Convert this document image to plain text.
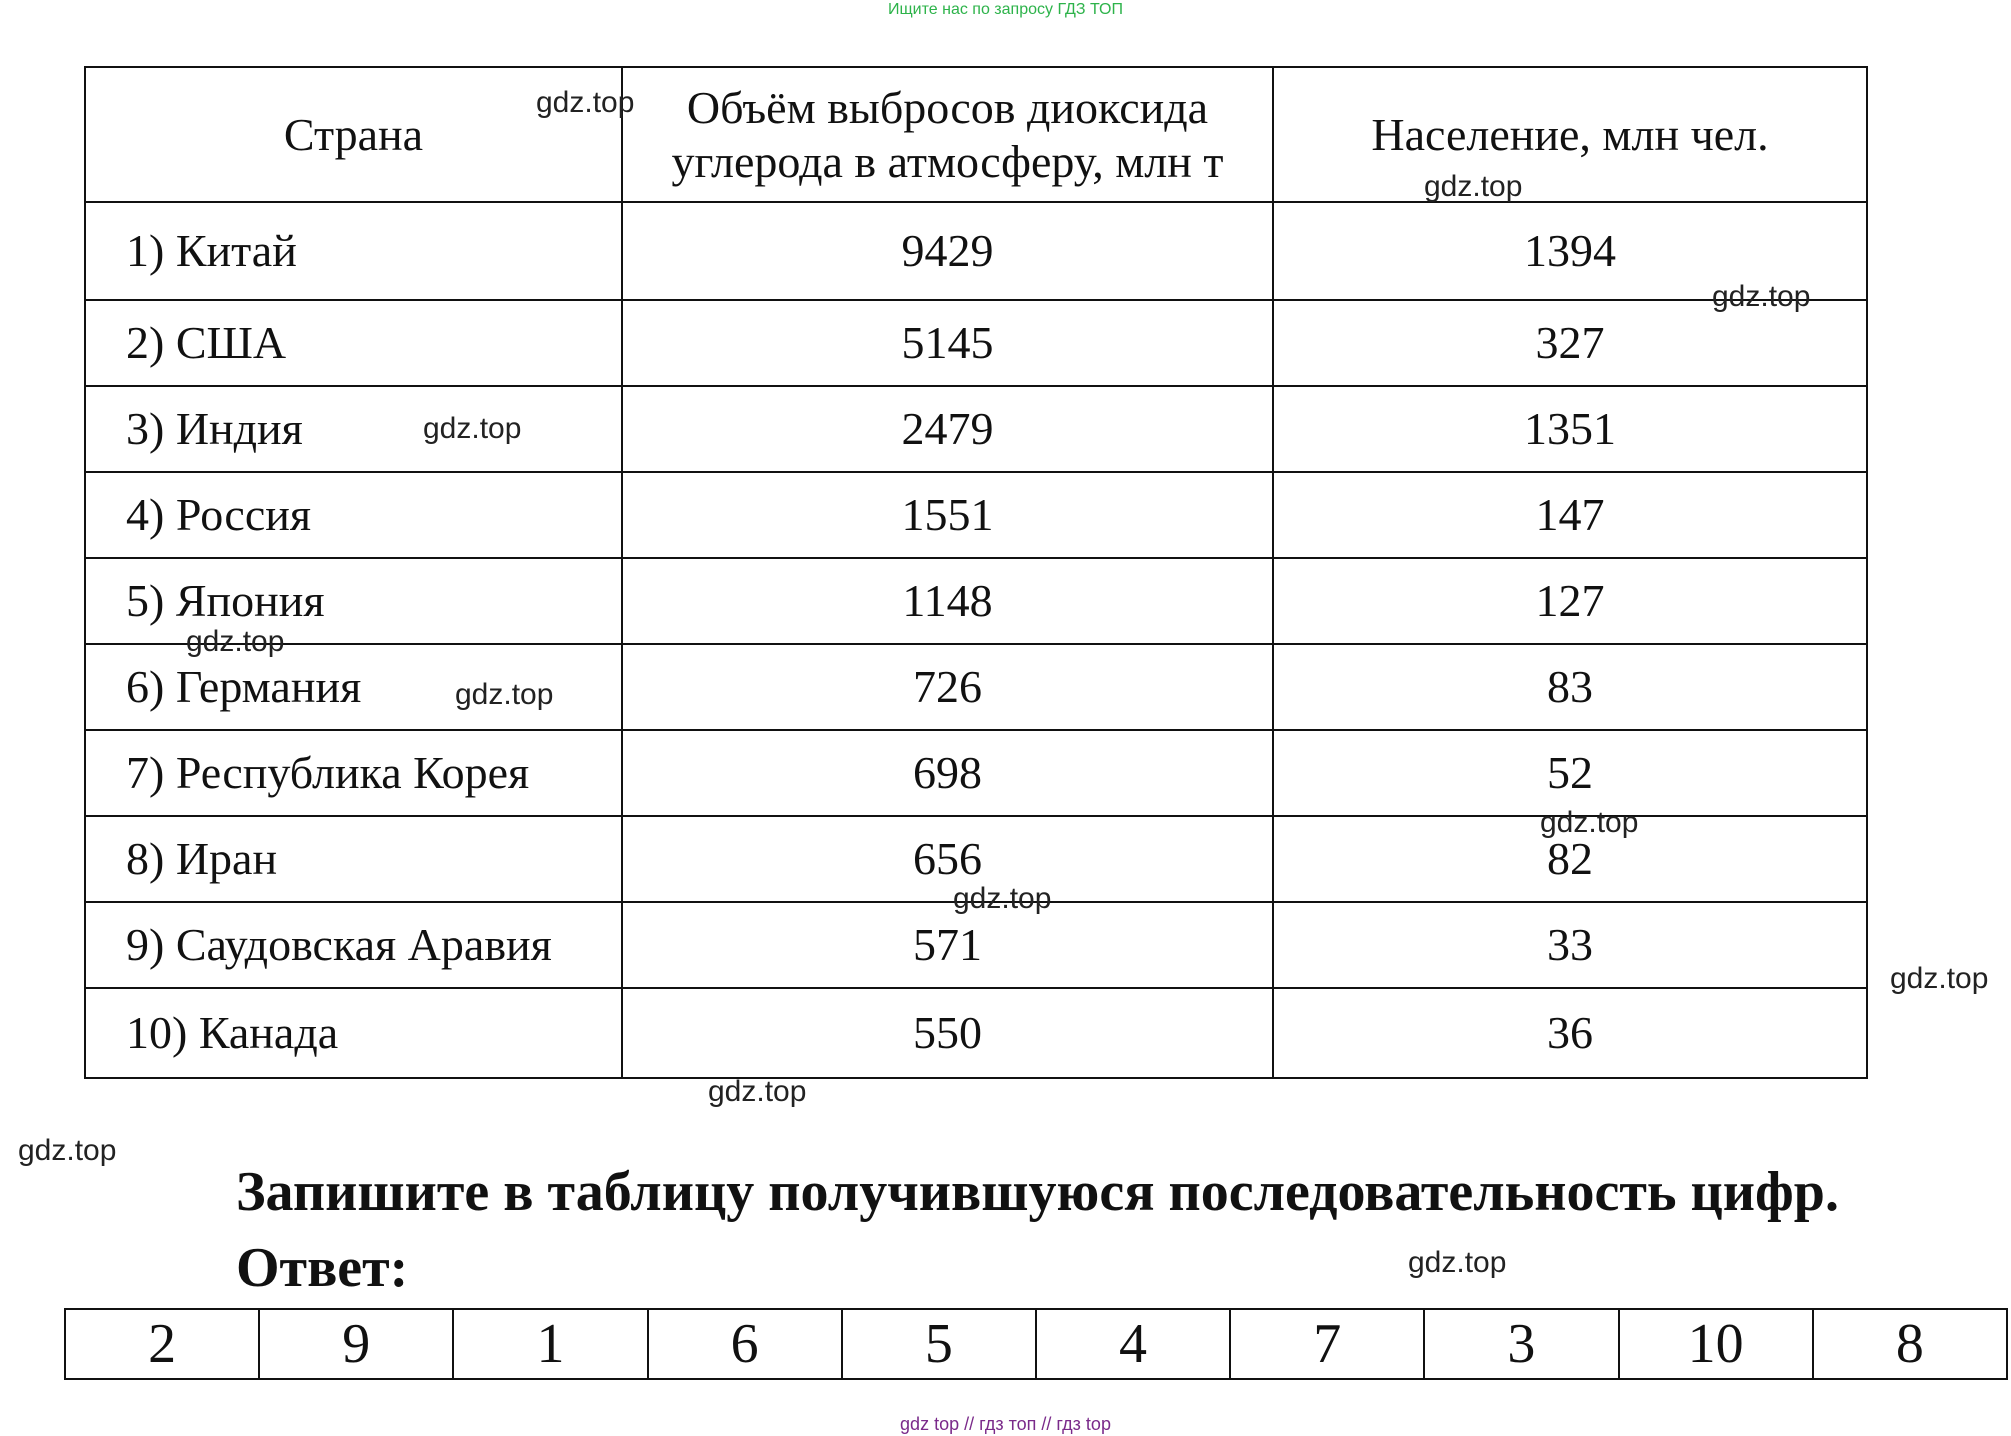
Ищите нас по запросу ГДЗ ТОП
Страна	Объём выбросов диоксида углерода в атмосферу, млн т	Население, млн чел.
1) Китай	9429	1394
2) США	5145	327
3) Индия	2479	1351
4) Россия	1551	147
5) Япония	1148	127
6) Германия	726	83
7) Республика Корея	698	52
8) Иран	656	82
9) Саудовская Аравия	571	33
10) Канада	550	36
Запишите в таблицу получившуюся последовательность цифр.
Ответ:
2	9	1	6	5	4	7	3	10	8
gdz.top
gdz.top
gdz.top
gdz.top
gdz.top
gdz.top
gdz.top
gdz.top
gdz.top
gdz.top
gdz.top
gdz.top
gdz top // гдз топ // гдз top
